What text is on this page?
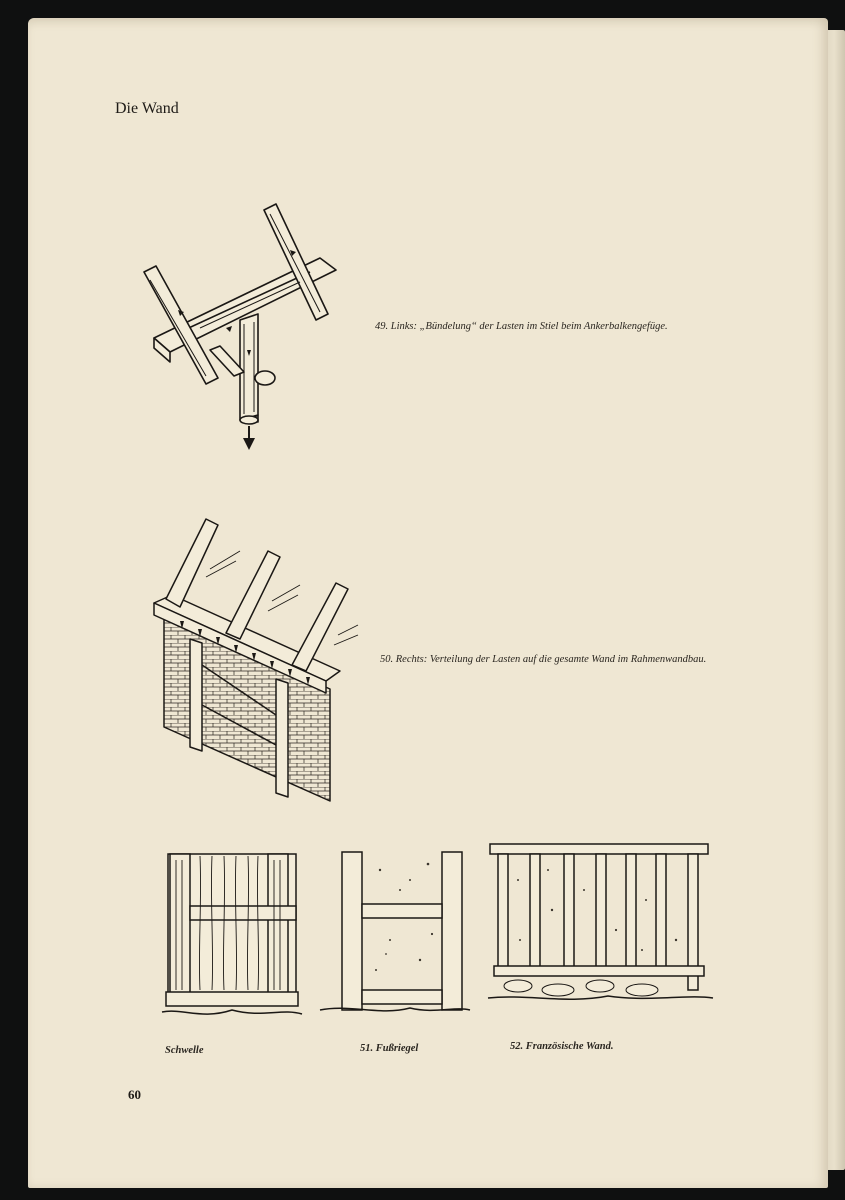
Die Wand
49. Links: „Bündelung“ der Lasten im Stiel beim Ankerbalkengefüge.
50. Rechts: Verteilung der Lasten auf die gesamte Wand im Rahmenwandbau.
Schwelle	51. Fußriegel	52. Französische Wand.
60
